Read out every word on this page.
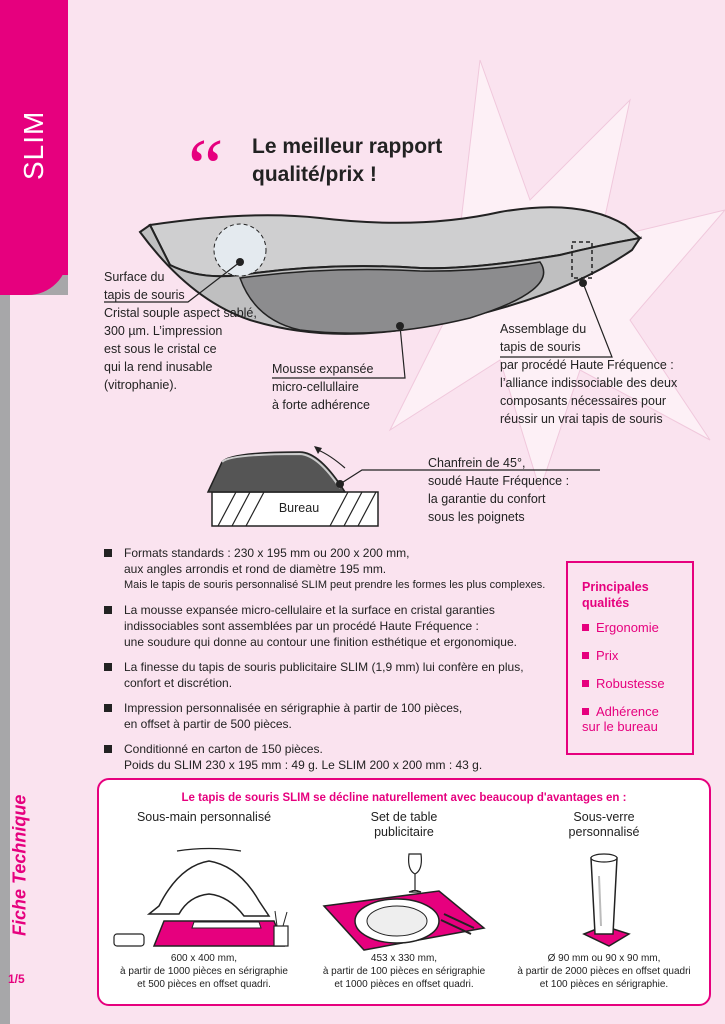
SLIM
Fiche Technique
1/5
“	Le meilleur rapport
qualité/prix !
Surface du
tapis de souris
Cristal souple aspect sablé,
300 µm. L’impression
est sous le cristal ce
qui la rend inusable
(vitrophanie).
Mousse expansée
micro-cellullaire
à forte adhérence
Assemblage du
tapis de souris
par procédé Haute Fréquence :
l’alliance indissociable des deux
composants nécessaires pour
réussir un vrai tapis de souris
Chanfrein de 45°,
soudé Haute Fréquence :
la garantie du confort
sous les poignets
Bureau
Formats standards : 230 x 195 mm ou 200 x 200 mm,
aux angles arrondis et rond de diamètre 195 mm.
Mais le tapis de souris personnalisé SLIM peut prendre les formes les plus complexes.
La mousse expansée micro-cellulaire et la surface en cristal garanties
indissociables sont assemblées par un procédé Haute Fréquence :
une soudure qui donne au contour une finition esthétique et ergonomique.
La finesse du tapis de souris publicitaire SLIM (1,9 mm) lui confère en plus,
confort et discrétion.
Impression personnalisée en sérigraphie à partir de 100 pièces,
en offset à partir de 500 pièces.
Conditionné en carton de 150 pièces.
Poids du SLIM 230 x 195 mm : 49 g. Le SLIM 200 x 200 mm : 43 g.
Principales
qualités
Ergonomie
Prix
Robustesse
Adhérence
sur le bureau
Le tapis de souris SLIM se décline naturellement avec beaucoup d'avantages en :
Sous-main personnalisé
600 x 400 mm,
à partir de 1000 pièces en sérigraphie
et 500 pièces en offset quadri.
Set de table
publicitaire
453 x 330 mm,
à partir de 100 pièces en sérigraphie
et 1000 pièces en offset quadri.
Sous-verre
personnalisé
Ø 90 mm ou 90 x 90 mm,
à partir de 2000 pièces en offset quadri
et 100 pièces en sérigraphie.
